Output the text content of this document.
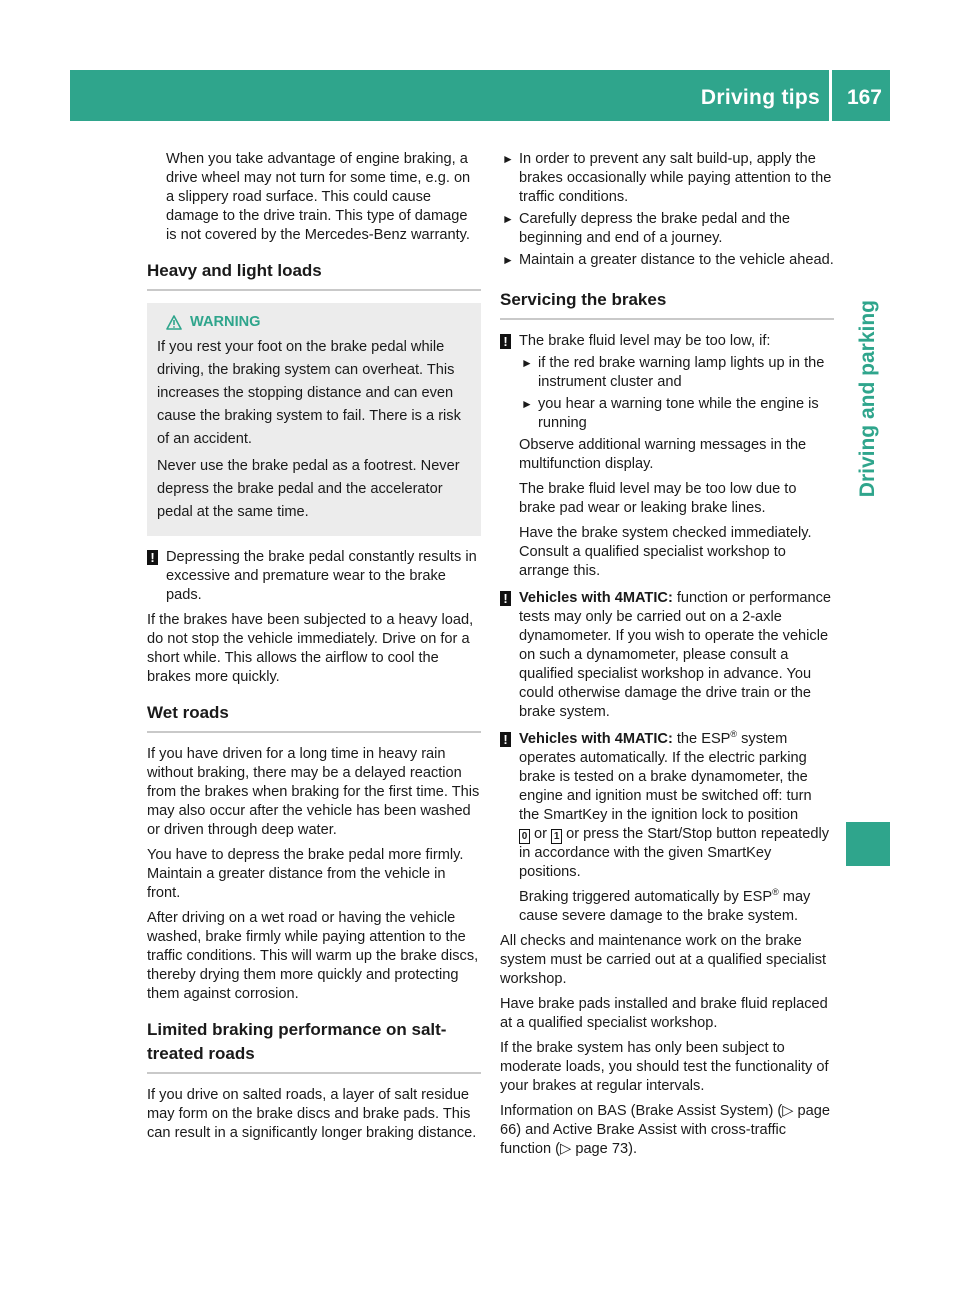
Driving tips 167
Driving and parking

When you take advantage of engine braking, a drive wheel may not turn for some time, e.g. on a slippery road surface. This could cause damage to the drive train. This type of damage is not covered by the Mercedes-Benz warranty.

Heavy and light loads
WARNING

If you rest your foot on the brake pedal while driving, the braking system can overheat. This increases the stopping distance and can even cause the braking system to fail. There is a risk of an accident.

Never use the brake pedal as a footrest. Never depress the brake pedal and the accelerator pedal at the same time.

! Depressing the brake pedal constantly results in excessive and premature wear to the brake pads.

If the brakes have been subjected to a heavy load, do not stop the vehicle immediately. Drive on for a short while. This allows the airflow to cool the brakes more quickly.

Wet roads

If you have driven for a long time in heavy rain without braking, there may be a delayed reaction from the brakes when braking for the first time. This may also occur after the vehicle has been washed or driven through deep water.

You have to depress the brake pedal more firmly. Maintain a greater distance from the vehicle in front.

After driving on a wet road or having the vehicle washed, brake firmly while paying attention to the traffic conditions. This will warm up the brake discs, thereby drying them more quickly and protecting them against corrosion.

Limited braking performance on salt-treated roads

If you drive on salted roads, a layer of salt residue may form on the brake discs and brake pads. This can result in a significantly longer braking distance.

► In order to prevent any salt build-up, apply the brakes occasionally while paying attention to the traffic conditions.
► Carefully depress the brake pedal and the beginning and end of a journey.
► Maintain a greater distance to the vehicle ahead.
Servicing the brakes
! The brake fluid level may be too low, if:

► if the red brake warning lamp lights up in the instrument cluster and
► you hear a warning tone while the engine is running

Observe additional warning messages in the multifunction display.

The brake fluid level may be too low due to brake pad wear or leaking brake lines.

Have the brake system checked immediately. Consult a qualified specialist workshop to arrange this.

! Vehicles with 4MATIC: function or performance tests may only be carried out on a 2-axle dynamometer. If you wish to operate the vehicle on such a dynamometer, please consult a qualified specialist workshop in advance. You could otherwise damage the drive train or the brake system.
! Vehicles with 4MATIC: the ESP® system operates automatically. If the electric parking brake is tested on a brake dynamometer, the engine and ignition must be switched off: turn the SmartKey in the ignition lock to position
0 or 1 or press the Start/Stop button repeatedly in accordance with the given SmartKey positions.

Braking triggered automatically by ESP® may cause severe damage to the brake system.

All checks and maintenance work on the brake system must be carried out at a qualified specialist workshop.

Have brake pads installed and brake fluid replaced at a qualified specialist workshop.

If the brake system has only been subject to moderate loads, you should test the functionality of your brakes at regular intervals.

Information on BAS (Brake Assist System) (▷ page 66) and Active Brake Assist with cross-traffic function (▷ page 73).
